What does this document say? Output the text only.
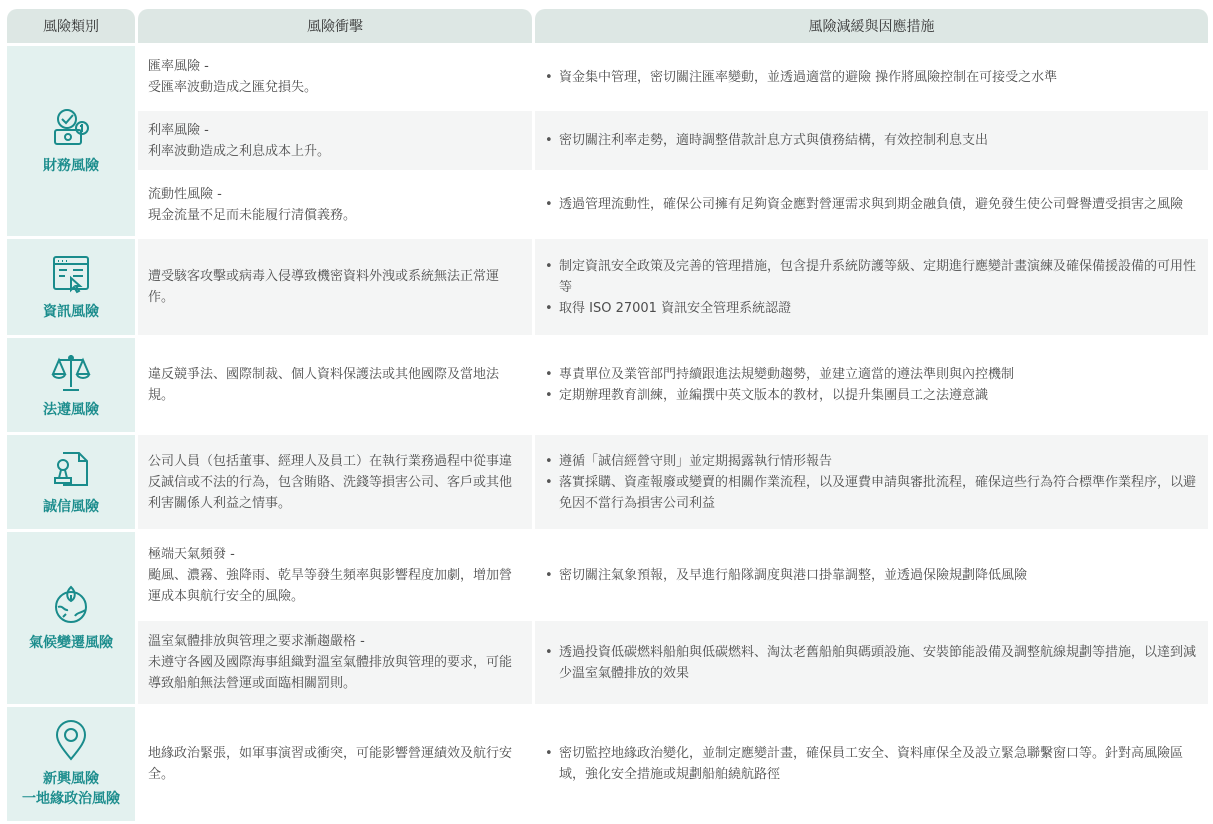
風險類別	風險衝擊	風險減緩與因應措施
財務風險
資訊風險
法遵風險
誠信風險
氣候變遷風險
新興風險
一地緣政治風險
匯率風險 -
受匯率波動造成之匯兌損失。
• 資金集中管理，密切關注匯率變動，並透過適當的避險 操作將風險控制在可接受之水準
利率風險 -
利率波動造成之利息成本上升。
• 密切關注利率走勢，適時調整借款計息方式與債務結構，有效控制利息支出
流動性風險 -
現金流量不足而未能履行清償義務。
• 透過管理流動性，確保公司擁有足夠資金應對營運需求與到期金融負債，避免發生使公司聲譽遭受損害之風險
遭受駭客攻擊或病毒入侵導致機密資料外洩或系統無法正常運作。
• 制定資訊安全政策及完善的管理措施，包含提升系統防護等級、定期進行應變計畫演練及確保備援設備的可用性等
• 取得 ISO 27001 資訊安全管理系統認證
違反競爭法、國際制裁、個人資料保護法或其他國際及當地法規。
• 專責單位及業管部門持續跟進法規變動趨勢，並建立適當的遵法準則與內控機制
• 定期辦理教育訓練，並編撰中英文版本的教材，以提升集團員工之法遵意識
公司人員（包括董事、經理人及員工）在執行業務過程中從事違反誠信或不法的行為，包含賄賂、洗錢等損害公司、客戶或其他利害關係人利益之情事。
• 遵循「誠信經營守則」並定期揭露執行情形報告
• 落實採購、資產報廢或變賣的相關作業流程，以及運費申請與審批流程，確保這些行為符合標準作業程序，以避免因不當行為損害公司利益
極端天氣頻發 -
颱風、濃霧、強降雨、乾旱等發生頻率與影響程度加劇，增加營運成本與航行安全的風險。
• 密切關注氣象預報，及早進行船隊調度與港口掛靠調整，並透過保險規劃降低風險
溫室氣體排放與管理之要求漸趨嚴格 -
未遵守各國及國際海事組織對溫室氣體排放與管理的要求，可能導致船舶無法營運或面臨相關罰則。
• 透過投資低碳燃料船舶與低碳燃料、淘汰老舊船舶與碼頭設施、安裝節能設備及調整航線規劃等措施，以達到減少溫室氣體排放的效果
地緣政治緊張，如軍事演習或衝突，可能影響營運績效及航行安全。
• 密切監控地緣政治變化，並制定應變計畫，確保員工安全、資料庫保全及設立緊急聯繫窗口等。針對高風險區域，強化安全措施或規劃船舶繞航路徑
